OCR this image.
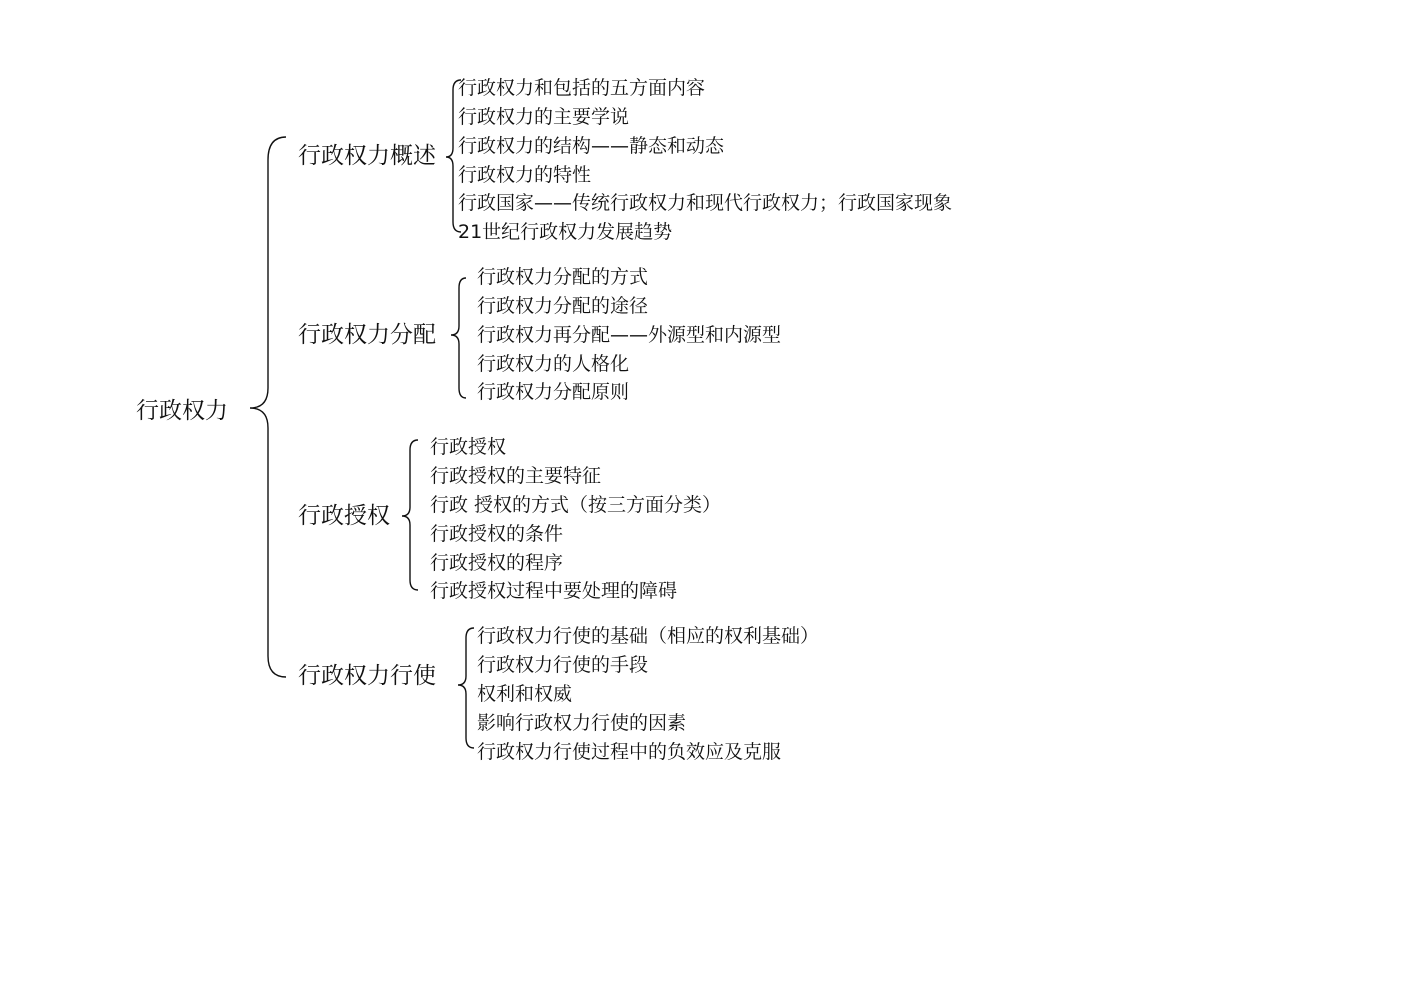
行政权力
行政权力概述
行政权力和包括的五方面内容
行政权力的主要学说
行政权力的结构——静态和动态
行政权力的特性
行政国家——传统行政权力和现代行政权力；行政国家现象
21世纪行政权力发展趋势
行政权力分配
行政权力分配的方式
行政权力分配的途径
行政权力再分配——外源型和内源型
行政权力的人格化
行政权力分配原则
行政授权
行政授权
行政授权的主要特征
行政 授权的方式（按三方面分类）
行政授权的条件
行政授权的程序
行政授权过程中要处理的障碍
行政权力行使
行政权力行使的基础（相应的权利基础）
行政权力行使的手段
权利和权威
影响行政权力行使的因素
行政权力行使过程中的负效应及克服
